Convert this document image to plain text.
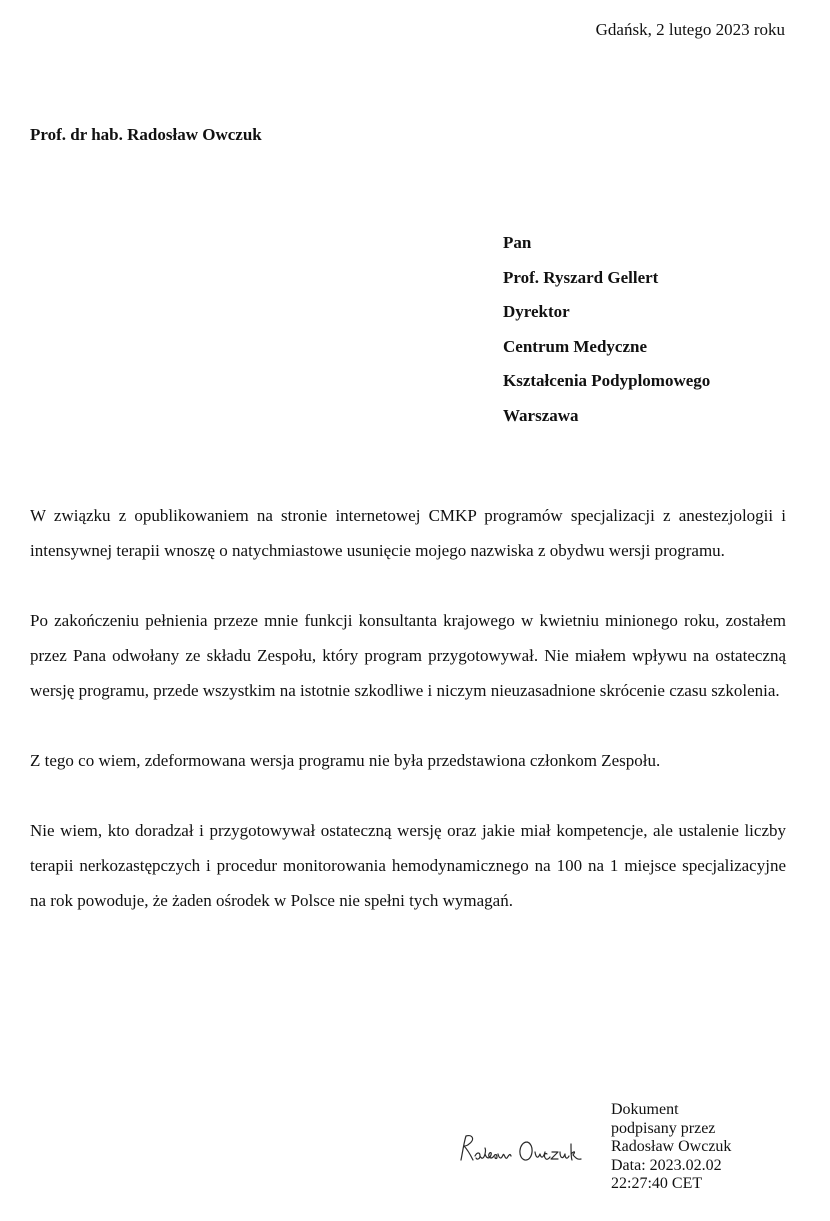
Gdańsk, 2 lutego 2023 roku
Prof. dr hab. Radosław Owczuk
Pan
Prof. Ryszard Gellert
Dyrektor
Centrum Medyczne
Kształcenia Podyplomowego
Warszawa

W związku z opublikowaniem na stronie internetowej CMKP programów specjalizacji z anestezjologii i intensywnej terapii wnoszę o natychmiastowe usunięcie mojego nazwiska z obydwu wersji programu.

Po zakończeniu pełnienia przeze mnie funkcji konsultanta krajowego w kwietniu minionego roku, zostałem przez Pana odwołany ze składu Zespołu, który program przygotowywał. Nie miałem wpływu na ostateczną wersję programu, przede wszystkim na istotnie szkodliwe i niczym nieuzasadnione skrócenie czasu szkolenia.

Z tego co wiem, zdeformowana wersja programu nie była przedstawiona członkom Zespołu.

Nie wiem, kto doradzał i przygotowywał ostateczną wersję oraz jakie miał kompetencje, ale ustalenie liczby terapii nerkozastępczych i procedur monitorowania hemodynamicznego na 100 na 1 miejsce specjalizacyjne na rok powoduje, że żaden ośrodek w Polsce nie spełni tych wymagań.

Dokument
podpisany przez
Radosław Owczuk
Data: 2023.02.02
22:27:40 CET
